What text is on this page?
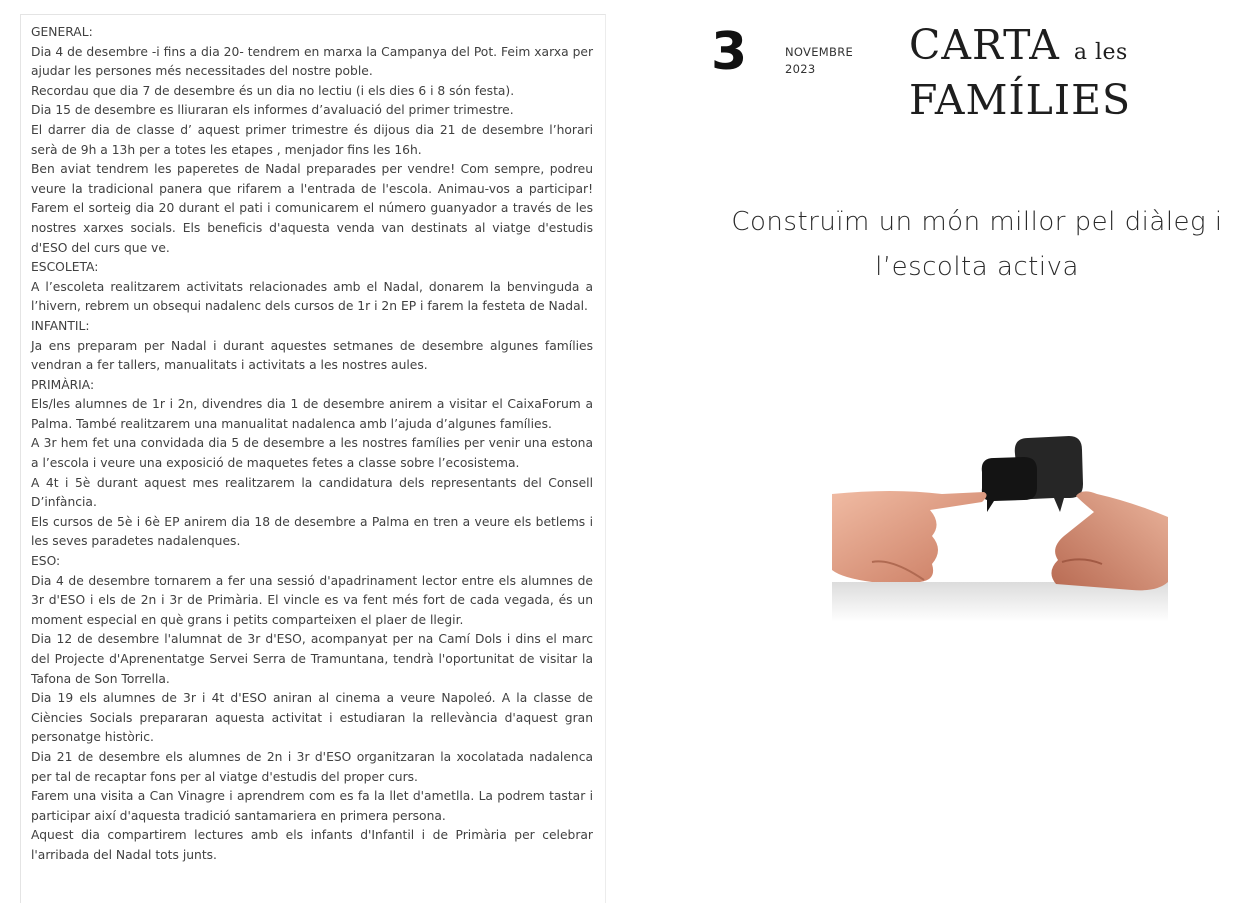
GENERAL:

Dia 4 de desembre -i fins a dia 20- tendrem en marxa la Campanya del Pot. Feim xarxa per ajudar les persones més necessitades del nostre poble.

Recordau que dia 7 de desembre és un dia no lectiu (i els dies 6 i 8 són festa).

Dia 15 de desembre es lliuraran els informes d’avaluació del primer trimestre.

El darrer dia de classe d’ aquest primer trimestre és dijous dia 21 de desembre l’horari serà de 9h a 13h per a totes les etapes , menjador fins les 16h.

Ben aviat tendrem les paperetes de Nadal preparades per vendre! Com sempre, podreu veure la tradicional panera que rifarem a l'entrada de l'escola. Animau-vos a participar! Farem el sorteig dia 20 durant el pati i comunicarem el número guanyador a través de les nostres xarxes socials. Els beneficis d'aquesta venda van destinats al viatge d'estudis d'ESO del curs que ve.

ESCOLETA:

A l’escoleta realitzarem activitats relacionades amb el Nadal, donarem la benvinguda a l’hivern, rebrem un obsequi nadalenc dels cursos de 1r i 2n EP i farem la festeta de Nadal.

INFANTIL:

Ja ens preparam per Nadal i durant aquestes setmanes de desembre algunes famílies vendran a fer tallers, manualitats i activitats a les nostres aules.

PRIMÀRIA:

Els/les alumnes de 1r i 2n, divendres dia 1 de desembre anirem a visitar el CaixaForum a Palma. També realitzarem una manualitat nadalenca amb l’ajuda d’algunes famílies.

A 3r hem fet una convidada dia 5 de desembre a les nostres famílies per venir una estona a l’escola i veure una exposició de maquetes fetes a classe sobre l’ecosistema.

A 4t i 5è durant aquest mes realitzarem la candidatura dels representants del Consell D’infància.

Els cursos de 5è i 6è EP anirem dia 18 de desembre a Palma en tren a veure els betlems i les seves paradetes nadalenques.

ESO:

Dia 4 de desembre tornarem a fer una sessió d'apadrinament lector entre els alumnes de 3r d'ESO i els de 2n i 3r de Primària. El vincle es va fent més fort de cada vegada, és un moment especial en què grans i petits comparteixen el plaer de llegir.

Dia 12 de desembre l'alumnat de 3r d'ESO, acompanyat per na Camí Dols i dins el marc del Projecte d'Aprenentatge Servei Serra de Tramuntana, tendrà l'oportunitat de visitar la Tafona de Son Torrella.

Dia 19 els alumnes de 3r i 4t d'ESO aniran al cinema a veure Napoleó. A la classe de Ciències Socials prepararan aquesta activitat i estudiaran la rellevància d'aquest gran personatge històric.

Dia 21 de desembre els alumnes de 2n i 3r d'ESO organitzaran la xocolatada nadalenca per tal de recaptar fons per al viatge d'estudis del proper curs.

Farem una visita a Can Vinagre i aprendrem com es fa la llet d'ametlla. La podrem tastar i participar així d'aquesta tradició santamariera en primera persona.

Aquest dia compartirem lectures amb els infants d'Infantil i de Primària per celebrar l'arribada del Nadal tots junts.

3	NOVEMBRE
2023	CARTA a les
FAMÍLIES
Construïm un món millor pel diàleg i
l’escolta activa
